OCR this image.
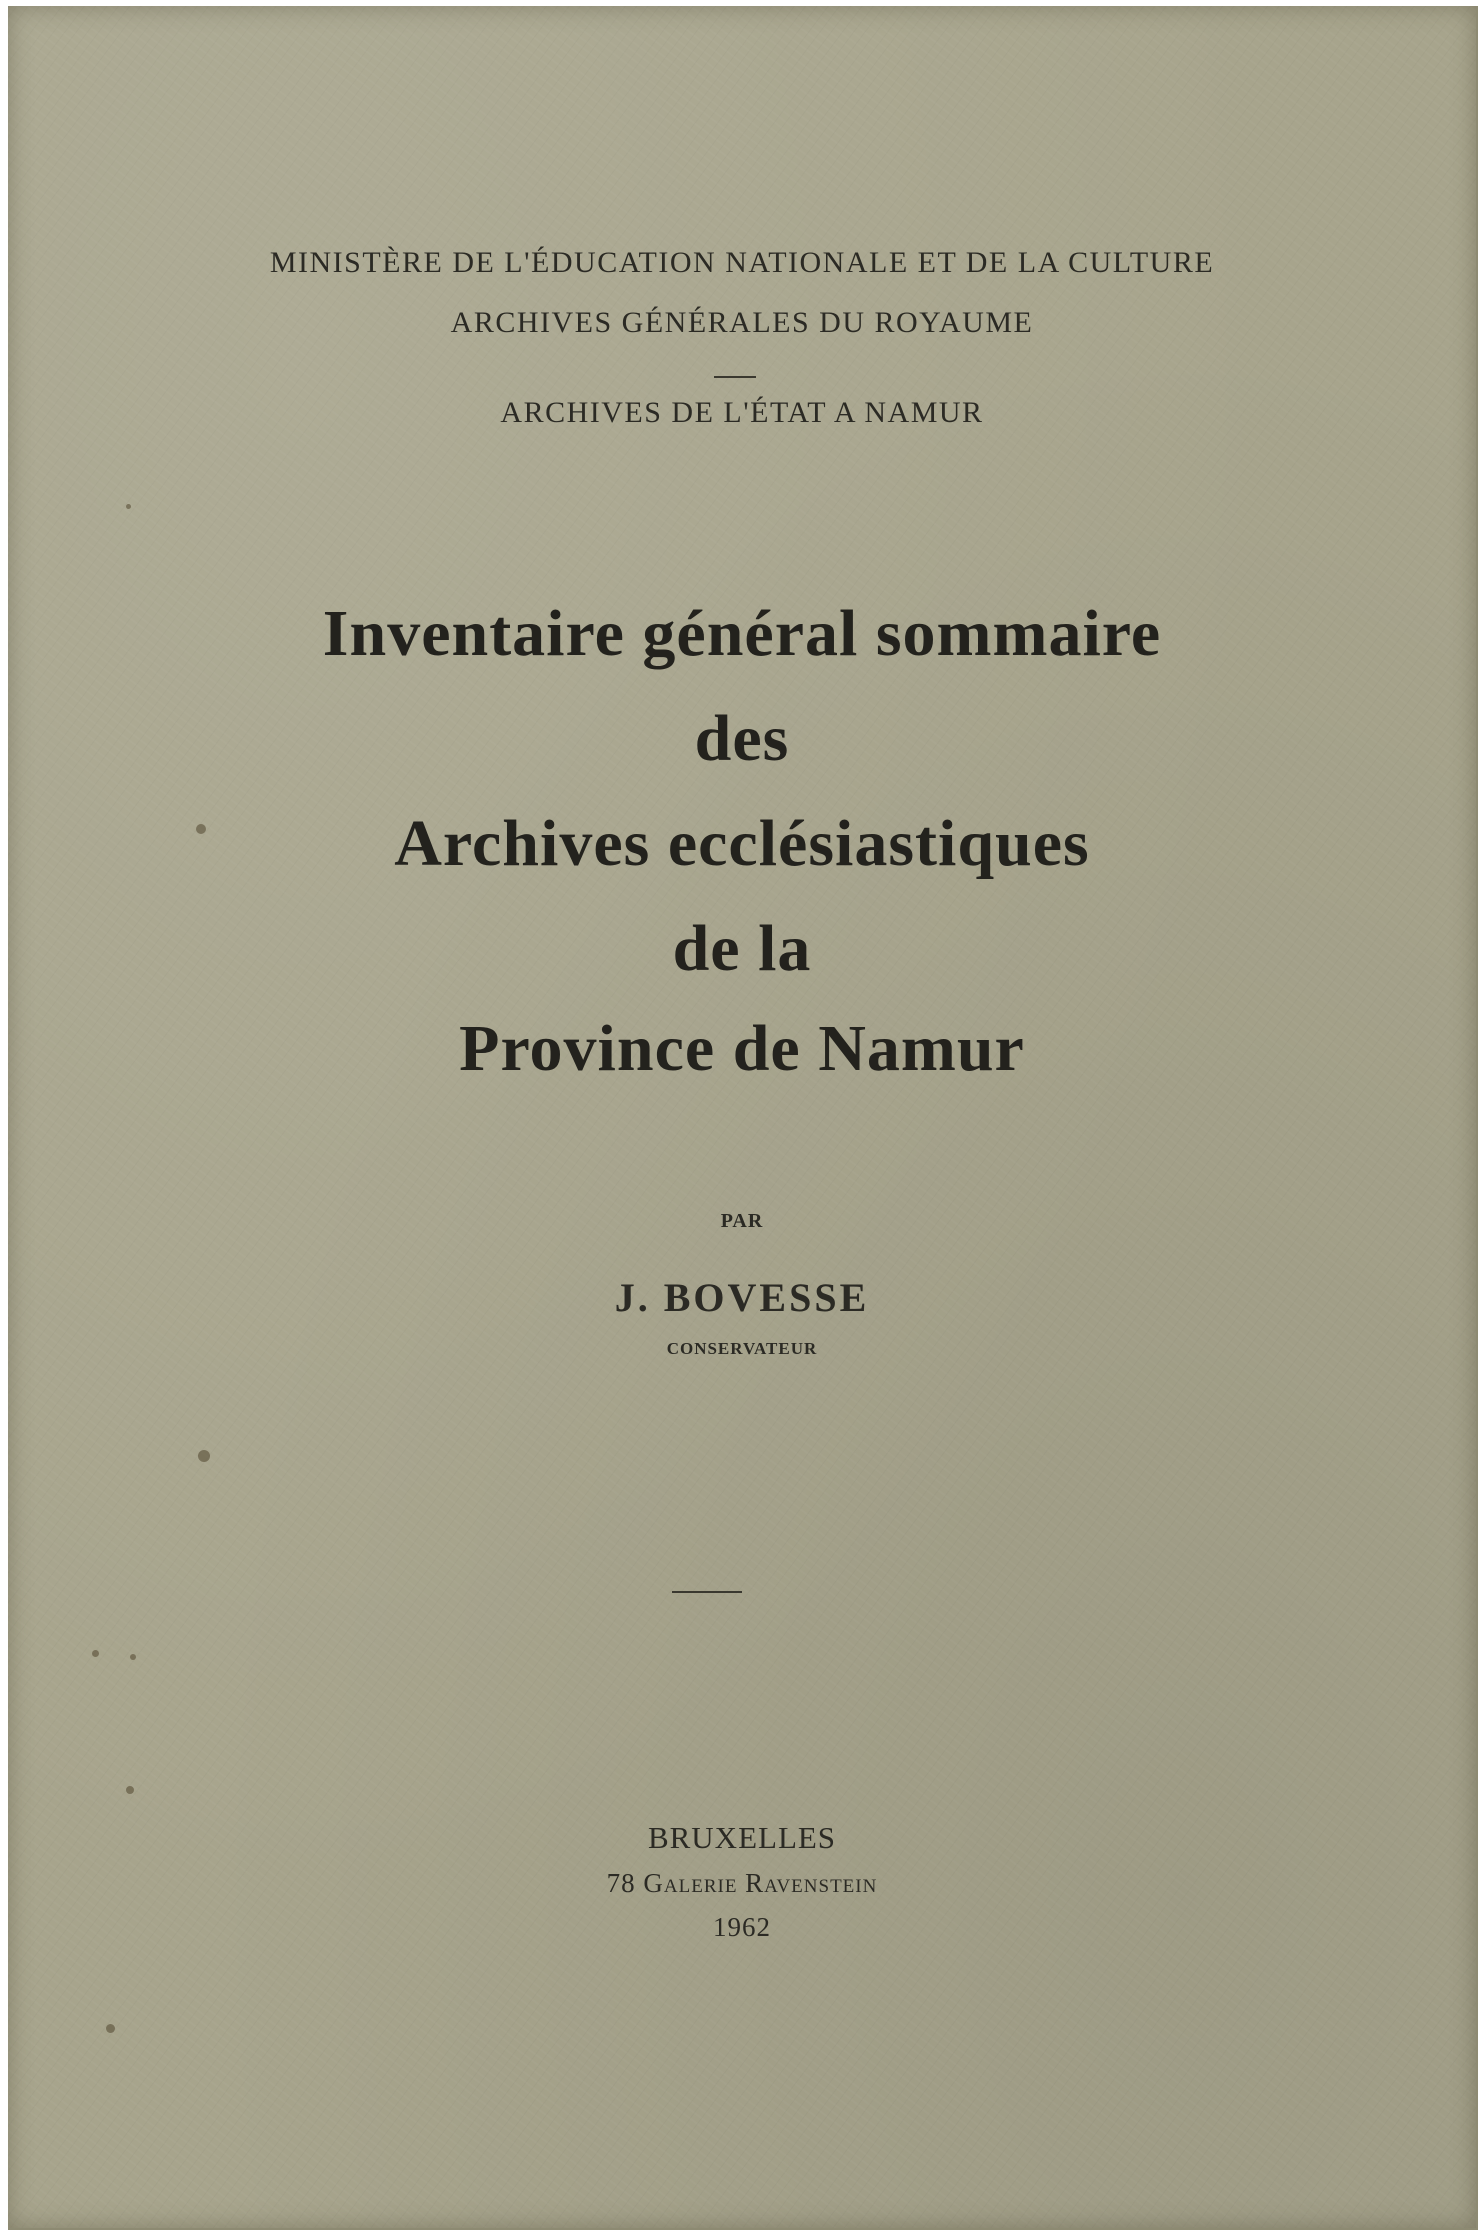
MINISTÈRE DE L'ÉDUCATION NATIONALE ET DE LA CULTURE
ARCHIVES GÉNÉRALES DU ROYAUME
ARCHIVES DE L'ÉTAT A NAMUR
Inventaire général sommaire
des
Archives ecclésiastiques
de la
Province de Namur
PAR
J. BOVESSE
CONSERVATEUR
BRUXELLES
78 Galerie Ravenstein
1962
